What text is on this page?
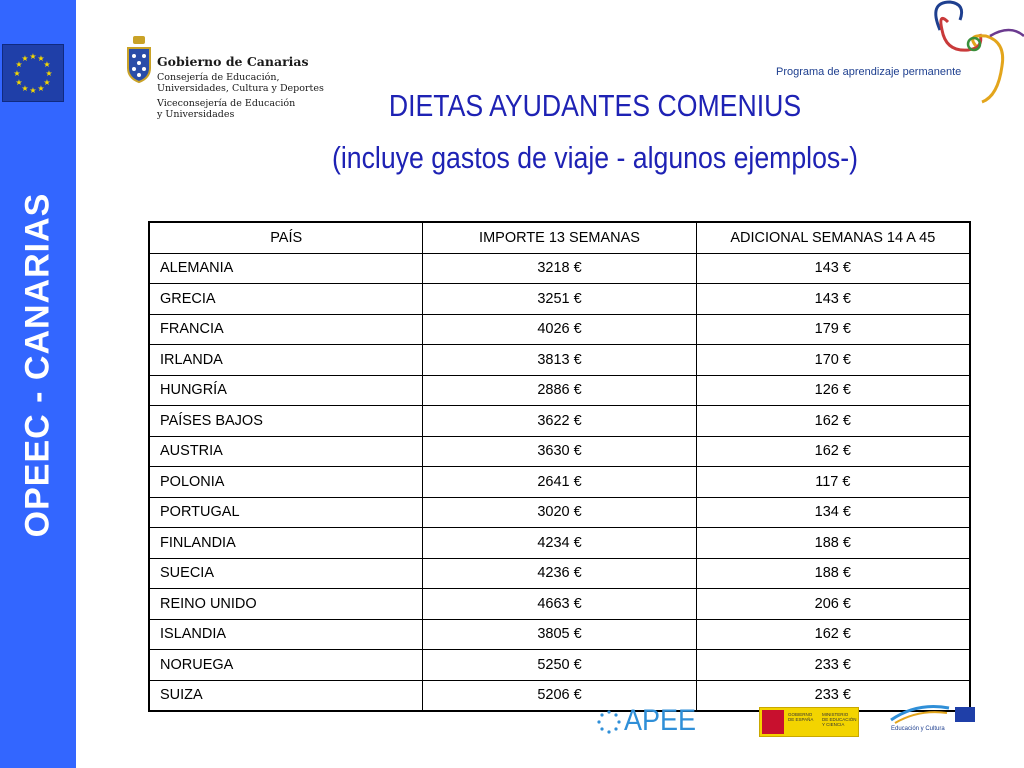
★ ★
★
★
★
★
★
★
★
★
★
★
OPEEC - CANARIAS
Gobierno de Canarias
Consejería de Educación,
Universidades, Cultura y Deportes
Viceconsejería de Educación
y Universidades
Programa de aprendizaje permanente
DIETAS AYUDANTES COMENIUS
(incluye gastos de viaje - algunos ejemplos-)
PAÍS	IMPORTE 13 SEMANAS	ADICIONAL SEMANAS 14 A 45
ALEMANIA	3218 €	143 €
GRECIA	3251 €	143 €
FRANCIA	4026 €	179 €
IRLANDA	3813 €	170 €
HUNGRÍA	2886 €	126 €
PAÍSES BAJOS	3622 €	162 €
AUSTRIA	3630 €	162 €
POLONIA	2641 €	117 €
PORTUGAL	3020 €	134 €
FINLANDIA	4234 €	188 €
SUECIA	4236 €	188 €
REINO UNIDO	4663 €	206 €
ISLANDIA	3805 €	162 €
NORUEGA	5250 €	233 €
SUIZA	5206 €	233 €
APEE	GOBIERNO
DE ESPAÑA
MINISTERIO
DE EDUCACIÓN
Y CIENCIA
Educación y Cultura
